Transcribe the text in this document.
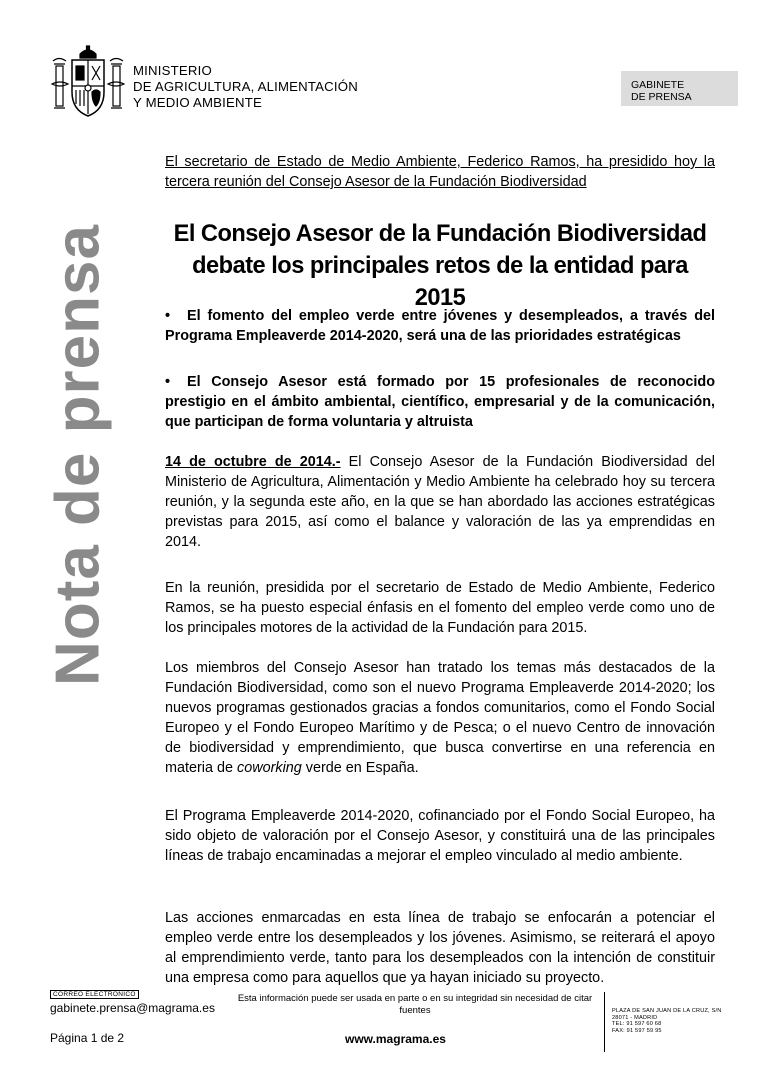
MINISTERIO
DE AGRICULTURA, ALIMENTACIÓN
Y MEDIO AMBIENTE
GABINETE
DE PRENSA
Nota de prensa
El secretario de Estado de Medio Ambiente, Federico Ramos, ha presidido hoy la tercera reunión del Consejo Asesor de la Fundación Biodiversidad
El Consejo Asesor de la Fundación Biodiversidad debate los principales retos de la entidad para 2015
• El fomento del empleo verde entre jóvenes y desempleados, a través del Programa Empleaverde 2014-2020, será una de las prioridades estratégicas
• El Consejo Asesor está formado por 15 profesionales de reconocido prestigio en el ámbito ambiental, científico, empresarial y de la comunicación, que participan de forma voluntaria y altruista
14 de octubre de 2014.- El Consejo Asesor de la Fundación Biodiversidad del Ministerio de Agricultura, Alimentación y Medio Ambiente ha celebrado hoy su tercera reunión, y la segunda este año, en la que se han abordado las acciones estratégicas previstas para 2015, así como el balance y valoración de las ya emprendidas en 2014.
En la reunión, presidida por el secretario de Estado de Medio Ambiente, Federico Ramos, se ha puesto especial énfasis en el fomento del empleo verde como uno de los principales motores de la actividad de la Fundación para 2015.
Los miembros del Consejo Asesor han tratado los temas más destacados de la Fundación Biodiversidad, como son el nuevo Programa Empleaverde 2014-2020; los nuevos programas gestionados gracias a fondos comunitarios, como el Fondo Social Europeo y el Fondo Europeo Marítimo y de Pesca; o el nuevo Centro de innovación de biodiversidad y emprendimiento, que busca convertirse en una referencia en materia de coworking verde en España.
El Programa Empleaverde 2014-2020, cofinanciado por el Fondo Social Europeo, ha sido objeto de valoración por el Consejo Asesor, y constituirá una de las principales líneas de trabajo encaminadas a mejorar el empleo vinculado al medio ambiente.
Las acciones enmarcadas en esta línea de trabajo se enfocarán a potenciar el empleo verde entre los desempleados y los jóvenes. Asimismo, se reiterará el apoyo al emprendimiento verde, tanto para los desempleados con la intención de constituir una empresa como para aquellos que ya hayan iniciado su proyecto.
CORREO ELECTRÓNICO
gabinete.prensa@magrama.es
Esta información puede ser usada en parte o en su integridad sin necesidad de citar fuentes	PLAZA DE SAN JUAN DE LA CRUZ, S/N
28071 - MADRID
TEL: 91 597 60 68
FAX: 91 597 59 95
Página 1 de 2	www.magrama.es
